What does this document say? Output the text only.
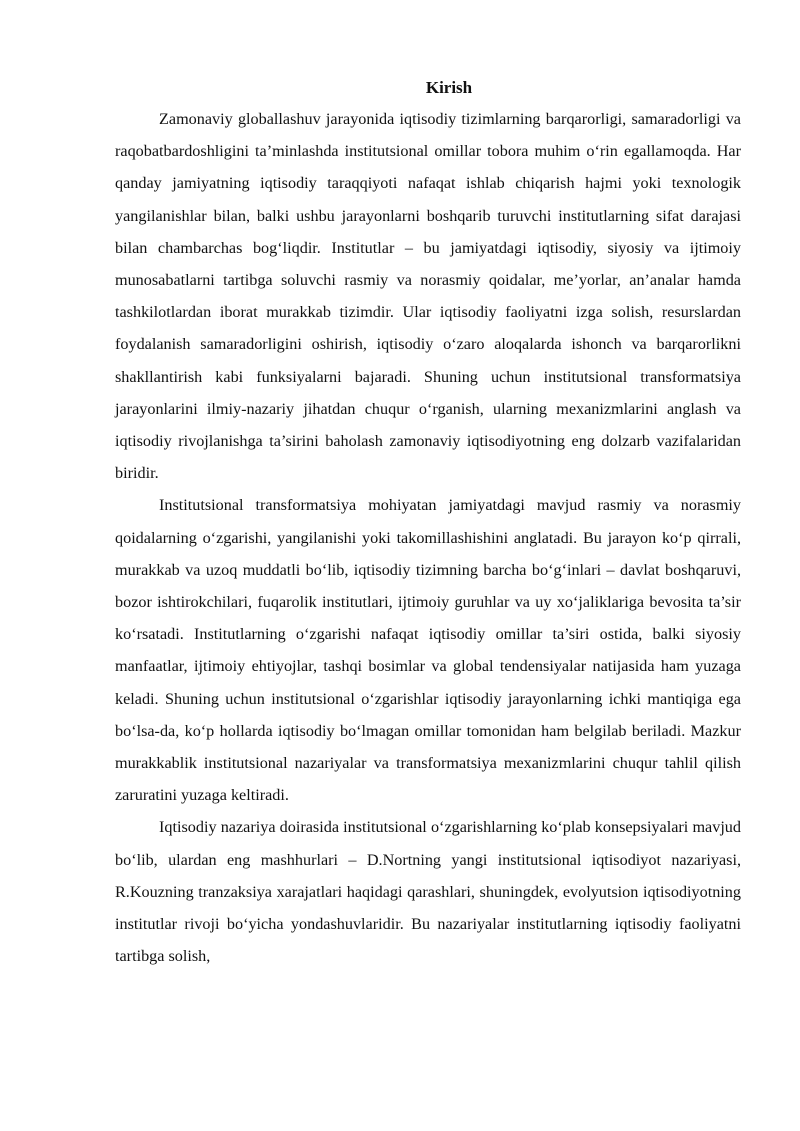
Kirish

Zamonaviy globallashuv jarayonida iqtisodiy tizimlarning barqarorligi, samaradorligi va raqobatbardoshligini ta’minlashda institutsional omillar tobora muhim o‘rin egallamoqda. Har qanday jamiyatning iqtisodiy taraqqiyoti nafaqat ishlab chiqarish hajmi yoki texnologik yangilanishlar bilan, balki ushbu jarayonlarni boshqarib turuvchi institutlarning sifat darajasi bilan chambarchas bog‘liqdir. Institutlar – bu jamiyatdagi iqtisodiy, siyosiy va ijtimoiy munosabatlarni tartibga soluvchi rasmiy va norasmiy qoidalar, me’yorlar, an’analar hamda tashkilotlardan iborat murakkab tizimdir. Ular iqtisodiy faoliyatni izga solish, resurslardan foydalanish samaradorligini oshirish, iqtisodiy o‘zaro aloqalarda ishonch va barqarorlikni shakllantirish kabi funksiyalarni bajaradi. Shuning uchun institutsional transformatsiya jarayonlarini ilmiy-nazariy jihatdan chuqur o‘rganish, ularning mexanizmlarini anglash va iqtisodiy rivojlanishga ta’sirini baholash zamonaviy iqtisodiyotning eng dolzarb vazifalaridan biridir.

Institutsional transformatsiya mohiyatan jamiyatdagi mavjud rasmiy va norasmiy qoidalarning o‘zgarishi, yangilanishi yoki takomillashishini anglatadi. Bu jarayon ko‘p qirrali, murakkab va uzoq muddatli bo‘lib, iqtisodiy tizimning barcha bo‘g‘inlari – davlat boshqaruvi, bozor ishtirokchilari, fuqarolik institutlari, ijtimoiy guruhlar va uy xo‘jaliklariga bevosita ta’sir ko‘rsatadi. Institutlarning o‘zgarishi nafaqat iqtisodiy omillar ta’siri ostida, balki siyosiy manfaatlar, ijtimoiy ehtiyojlar, tashqi bosimlar va global tendensiyalar natijasida ham yuzaga keladi. Shuning uchun institutsional o‘zgarishlar iqtisodiy jarayonlarning ichki mantiqiga ega bo‘lsa-da, ko‘p hollarda iqtisodiy bo‘lmagan omillar tomonidan ham belgilab beriladi. Mazkur murakkablik institutsional nazariyalar va transformatsiya mexanizmlarini chuqur tahlil qilish zaruratini yuzaga keltiradi.

Iqtisodiy nazariya doirasida institutsional o‘zgarishlarning ko‘plab konsepsiyalari mavjud bo‘lib, ulardan eng mashhurlari – D.Nortning yangi institutsional iqtisodiyot nazariyasi, R.Kouzning tranzaksiya xarajatlari haqidagi qarashlari, shuningdek, evolyutsion iqtisodiyotning institutlar rivoji bo‘yicha yondashuvlaridir. Bu nazariyalar institutlarning iqtisodiy faoliyatni tartibga solish,
